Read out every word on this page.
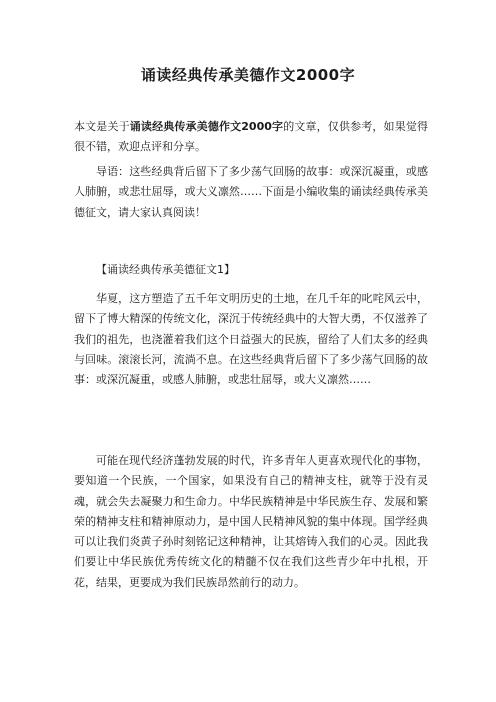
诵读经典传承美德作文2000字
本文是关于诵读经典传承美德作文2000字的文章，仅供参考，如果觉得很不错，欢迎点评和分享。
导语：这些经典背后留下了多少荡气回肠的故事：或深沉凝重，或感人肺腑，或悲壮屈辱，或大义凛然……下面是小编收集的诵读经典传承美德征文，请大家认真阅读！
【诵读经典传承美德征文1】
华夏，这方塑造了五千年文明历史的土地，在几千年的叱咤风云中，留下了博大精深的传统文化，深沉于传统经典中的大智大勇，不仅滋养了我们的祖先，也浇灌着我们这个日益强大的民族，留给了人们太多的经典与回味。滚滚长河，流淌不息。在这些经典背后留下了多少荡气回肠的故事：或深沉凝重，或感人肺腑，或悲壮屈辱，或大义凛然……
可能在现代经济蓬勃发展的时代，许多青年人更喜欢现代化的事物，要知道一个民族，一个国家，如果没有自己的精神支柱，就等于没有灵魂，就会失去凝聚力和生命力。中华民族精神是中华民族生存、发展和繁荣的精神支柱和精神原动力，是中国人民精神风貌的集中体现。国学经典可以让我们炎黄子孙时刻铭记这种精神，让其熔铸入我们的心灵。因此我们要让中华民族优秀传统文化的精髓不仅在我们这些青少年中扎根，开花，结果，更要成为我们民族昂然前行的动力。
